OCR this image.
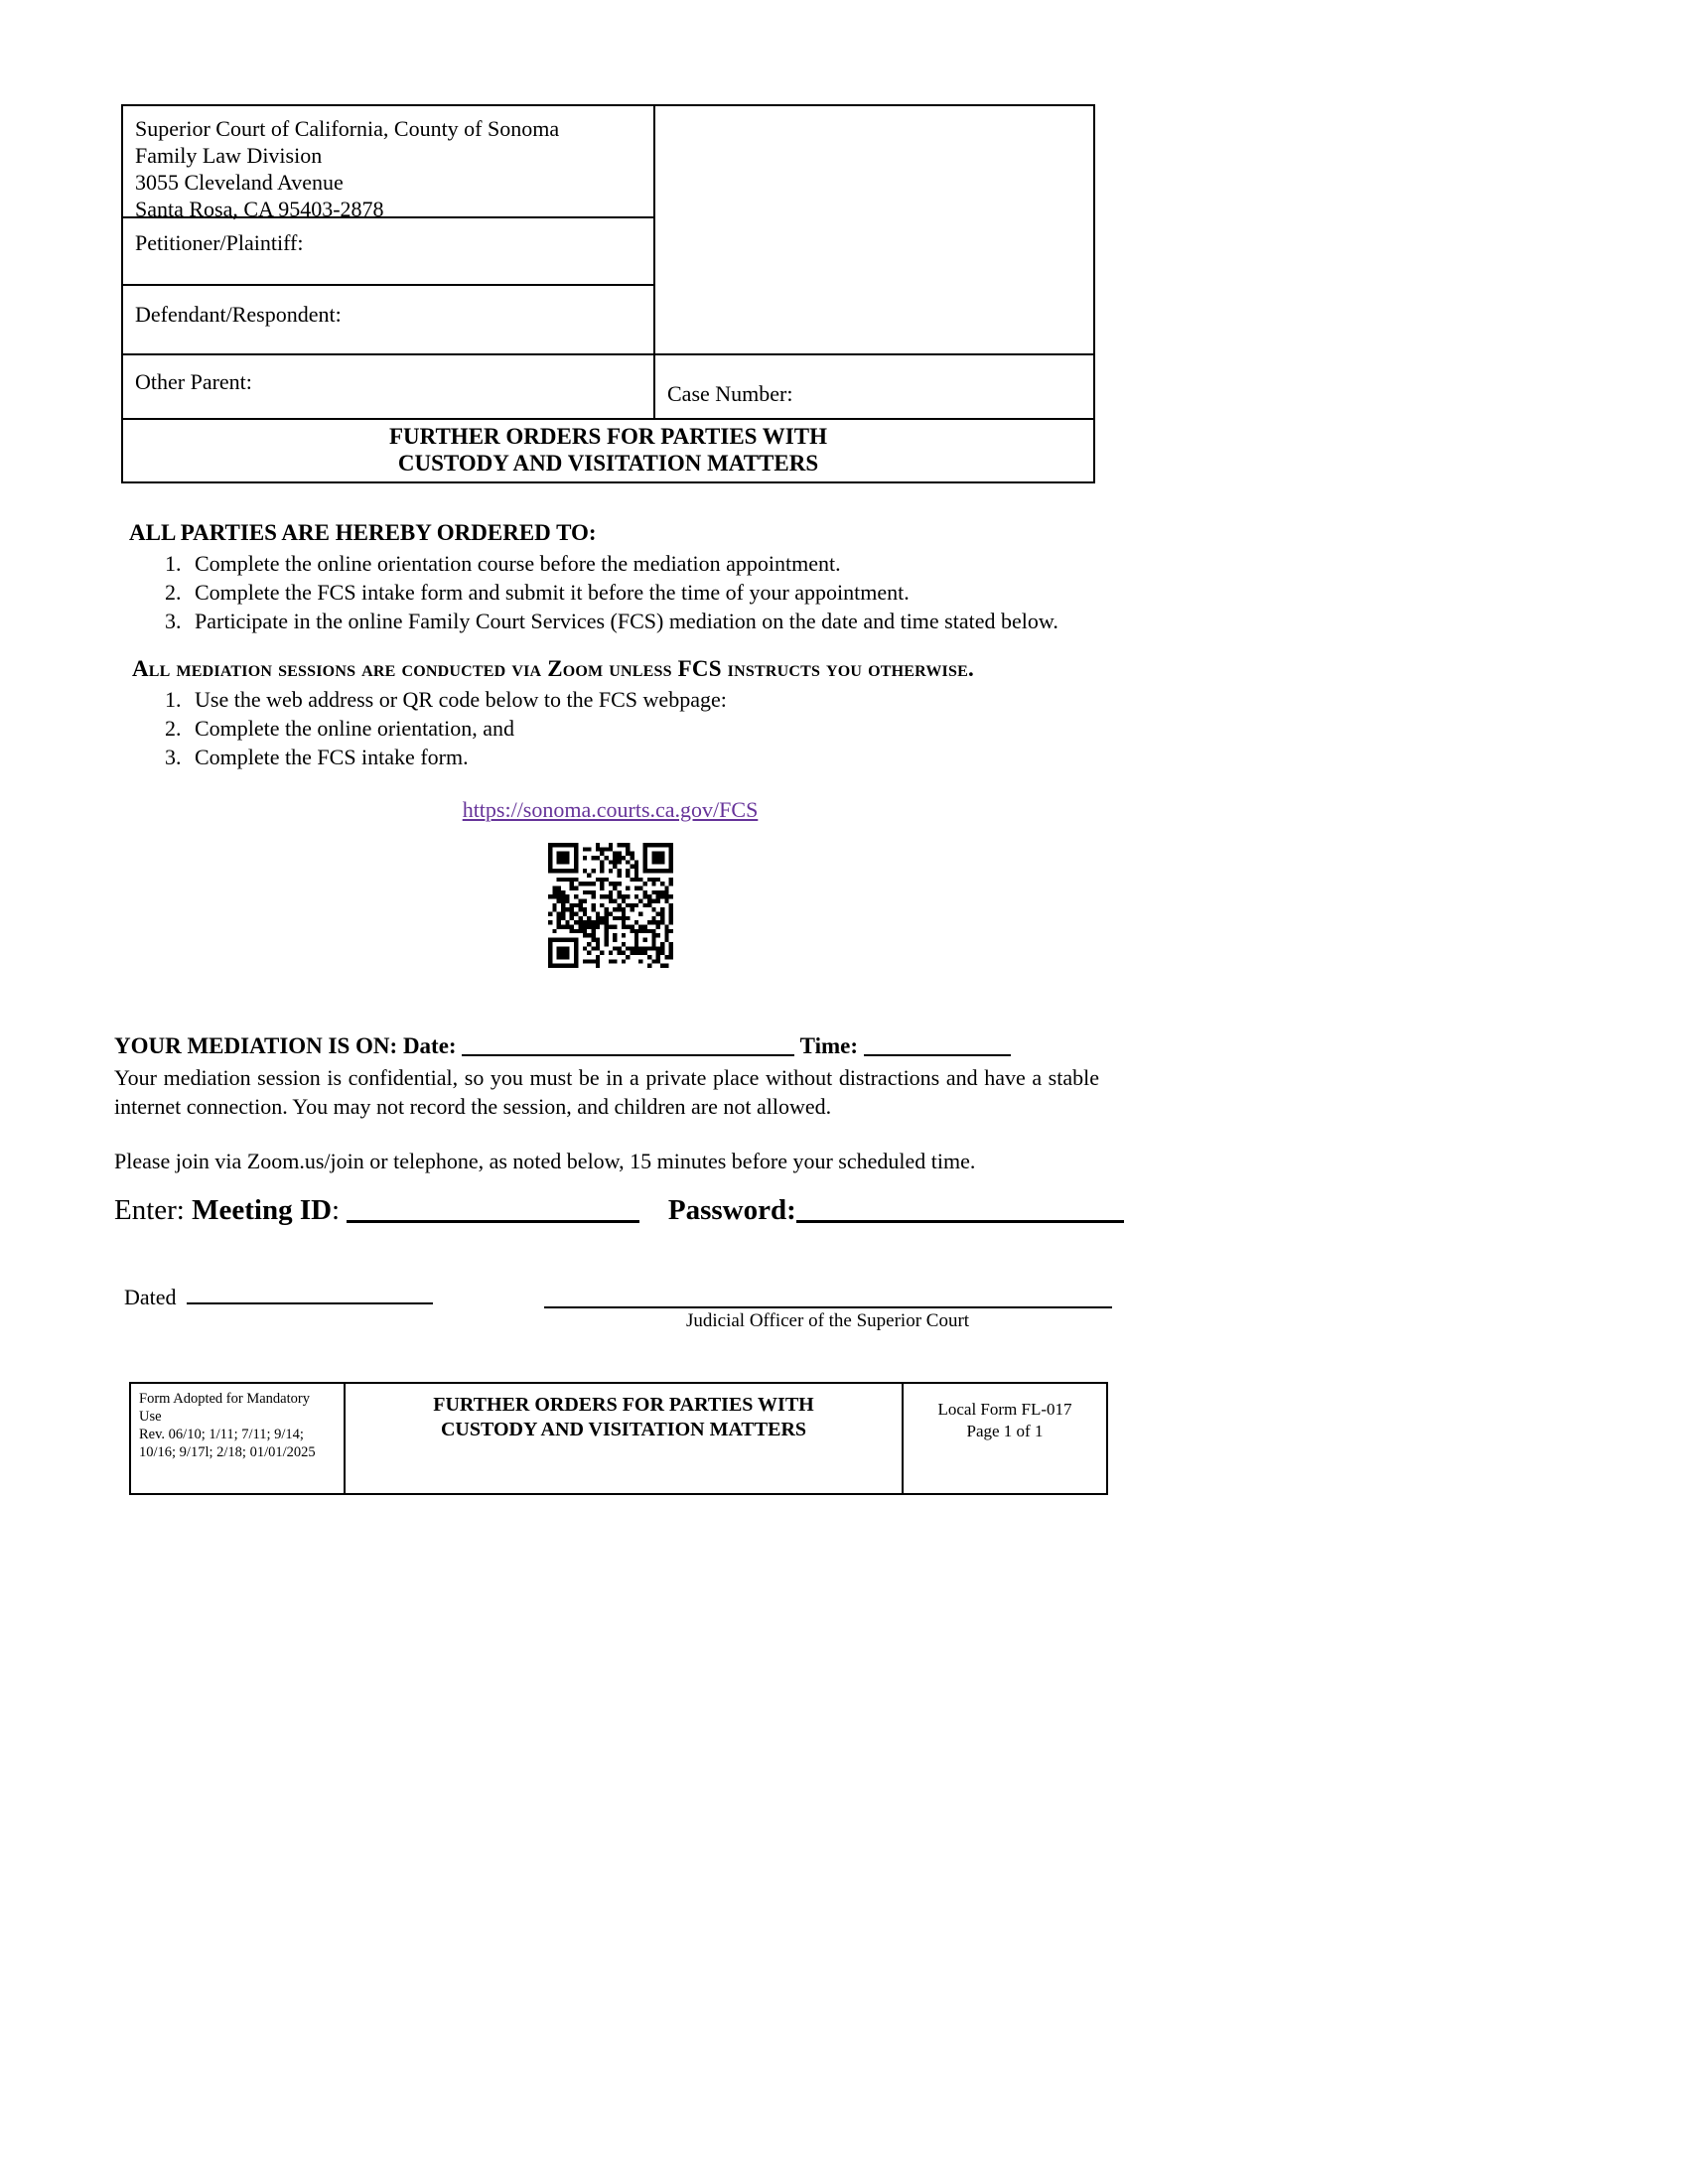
Superior Court of California, County of Sonoma
Family Law Division
3055 Cleveland Avenue
Santa Rosa, CA 95403-2878
Petitioner/Plaintiff:
Defendant/Respondent:
Other Parent:	Case Number:
FURTHER ORDERS FOR PARTIES WITH
CUSTODY AND VISITATION MATTERS
ALL PARTIES ARE HEREBY ORDERED TO:
1. Complete the online orientation course before the mediation appointment.
2. Complete the FCS intake form and submit it before the time of your appointment.
3. Participate in the online Family Court Services (FCS) mediation on the date and time stated below.
All mediation sessions are conducted via Zoom unless FCS instructs you otherwise.
1. Use the web address or QR code below to the FCS webpage:
2. Complete the online orientation, and
3. Complete the FCS intake form.
https://sonoma.courts.ca.gov/FCS
YOUR MEDIATION IS ON: Date:	Time:
Your mediation session is confidential, so you must be in a private place without distractions and have a stable internet connection. You may not record the session, and children are not allowed.
Please join via Zoom.us/join or telephone, as noted below, 15 minutes before your scheduled time.
Enter: Meeting ID:	Password:
Dated
Judicial Officer of the Superior Court
Form Adopted for Mandatory Use
Rev. 06/10; 1/11; 7/11; 9/14; 10/16; 9/17l; 2/18; 01/01/2025
FURTHER ORDERS FOR PARTIES WITH
CUSTODY AND VISITATION MATTERS
Local Form FL-017
Page 1 of 1
